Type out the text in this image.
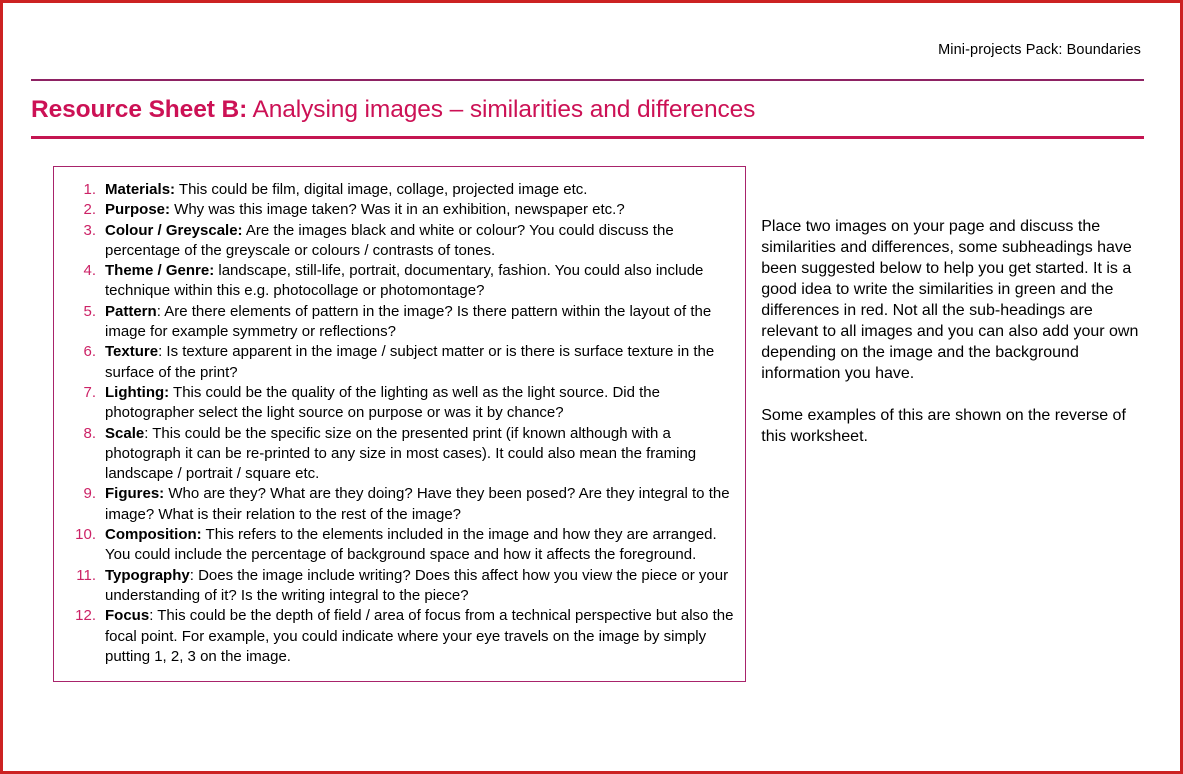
Mini-projects Pack: Boundaries
Resource Sheet B: Analysing images – similarities and differences
1. Materials: This could be film, digital image, collage, projected image etc.
2. Purpose: Why was this image taken? Was it in an exhibition, newspaper etc.?
3. Colour / Greyscale: Are the images black and white or colour? You could discuss the percentage of the greyscale or colours / contrasts of tones.
4. Theme / Genre: landscape, still-life, portrait, documentary, fashion. You could also include technique within this e.g. photocollage or photomontage?
5. Pattern: Are there elements of pattern in the image? Is there pattern within the layout of the image for example symmetry or reflections?
6. Texture: Is texture apparent in the image / subject matter or is there is surface texture in the surface of the print?
7. Lighting: This could be the quality of the lighting as well as the light source. Did the photographer select the light source on purpose or was it by chance?
8. Scale: This could be the specific size on the presented print (if known although with a photograph it can be re-printed to any size in most cases). It could also mean the framing landscape / portrait / square etc.
9. Figures: Who are they? What are they doing? Have they been posed? Are they integral to the image? What is their relation to the rest of the image?
10. Composition: This refers to the elements included in the image and how they are arranged. You could include the percentage of background space and how it affects the foreground.
11. Typography: Does the image include writing? Does this affect how you view the piece or your understanding of it? Is the writing integral to the piece?
12. Focus: This could be the depth of field / area of focus from a technical perspective but also the focal point. For example, you could indicate where your eye travels on the image by simply putting 1, 2, 3 on the image.

Place two images on your page and discuss the similarities and differences, some subheadings have been suggested below to help you get started. It is a good idea to write the similarities in green and the differences in red. Not all the sub-headings are relevant to all images and you can also add your own depending on the image and the background information you have.

Some examples of this are shown on the reverse of this worksheet.
